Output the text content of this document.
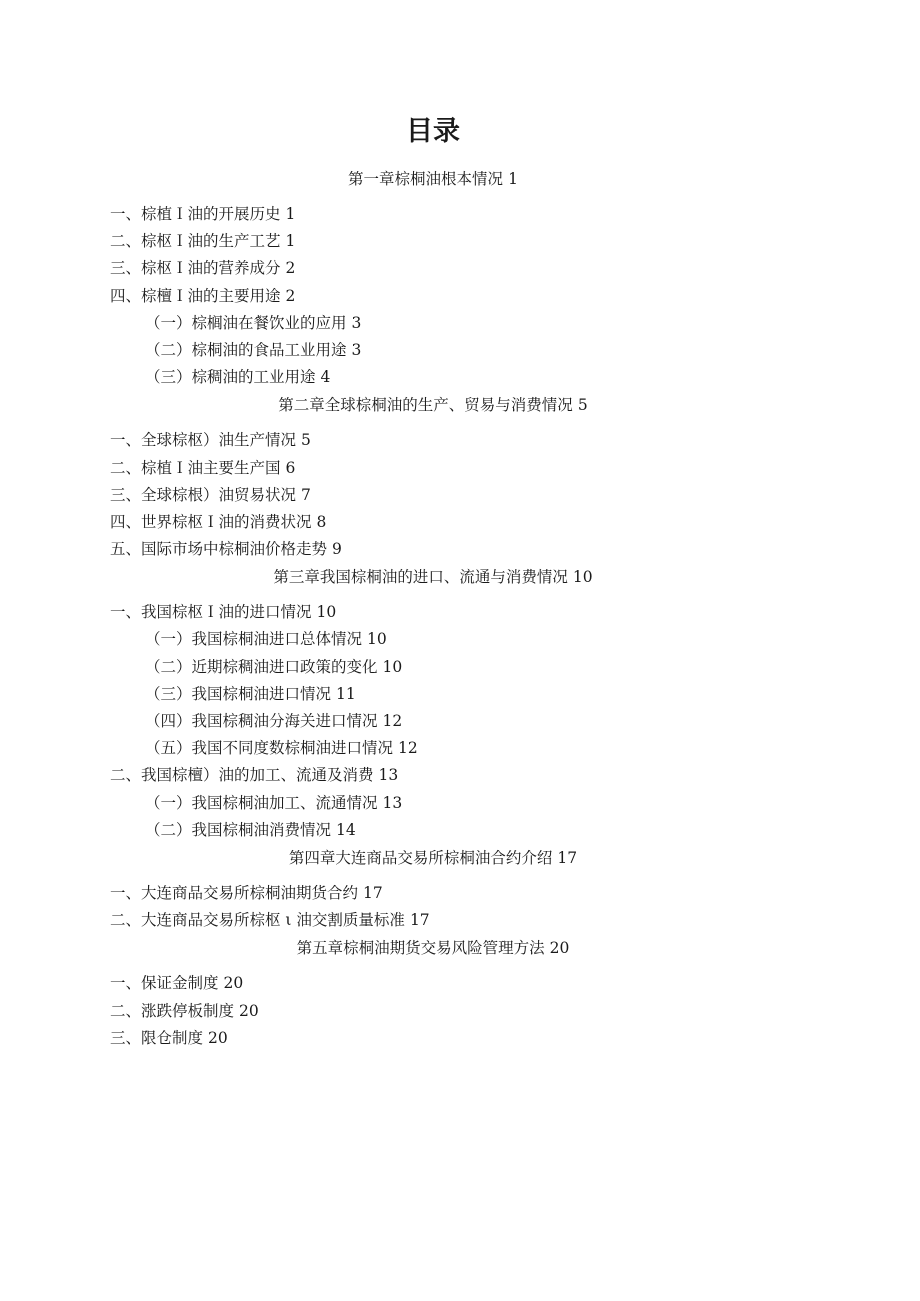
目录
第一章棕桐油根本情况 1
一、棕植Ｉ油的开展历史 1
二、棕枢Ｉ油的生产工艺 1
三、棕枢Ｉ油的营养成分 2
四、棕檀Ｉ油的主要用途 2
（一）棕榈油在餐饮业的应用 3
（二）棕桐油的食品工业用途 3
（三）棕稠油的工业用途 4
第二章全球棕桐油的生产、贸易与消费情况 5
一、全球棕枢）油生产情况 5
二、棕植Ｉ油主要生产国 6
三、全球棕根）油贸易状况 7
四、世界棕枢Ｉ油的消费状况 8
五、国际市场中棕桐油价格走势 9
第三章我国棕桐油的进口、流通与消费情况 10
一、我国棕枢Ｉ油的进口情况 10
（一）我国棕桐油进口总体情况 10
（二）近期棕稠油进口政策的变化 10
（三）我国棕桐油进口情况 11
（四）我国棕稠油分海关进口情况 12
（五）我国不同度数棕桐油进口情况 12
二、我国棕檀）油的加工、流通及消费 13
（一）我国棕桐油加工、流通情况 13
（二）我国棕桐油消费情况 14
第四章大连商品交易所棕桐油合约介绍 17
一、大连商品交易所棕桐油期货合约 17
二、大连商品交易所棕枢 ι 油交割质量标准 17
第五章棕桐油期货交易风险管理方法 20
一、保证金制度 20
二、涨跌停板制度 20
三、限仓制度 20
